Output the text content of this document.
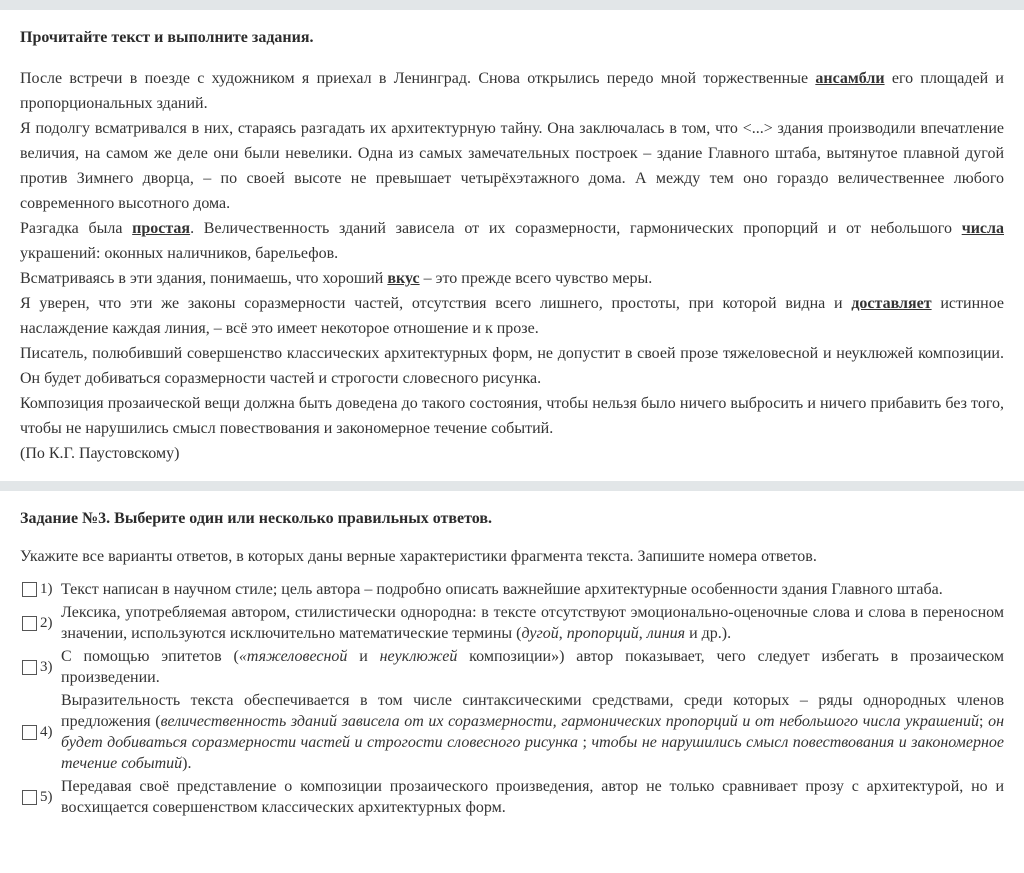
Прочитайте текст и выполните задания.

После встречи в поезде с художником я приехал в Ленинград. Снова открылись передо мной торжественные ансамбли его площадей и пропорциональных зданий.

Я подолгу всматривался в них, стараясь разгадать их архитектурную тайну. Она заключалась в том, что <...> здания производили впечатление величия, на самом же деле они были невелики. Одна из самых замечательных построек – здание Главного штаба, вытянутое плавной дугой против Зимнего дворца, – по своей высоте не превышает четырёхэтажного дома. А между тем оно гораздо величественнее любого современного высотного дома.

Разгадка была простая. Величественность зданий зависела от их соразмерности, гармонических пропорций и от небольшого числа украшений: оконных наличников, барельефов.

Всматриваясь в эти здания, понимаешь, что хороший вкус – это прежде всего чувство меры.

Я уверен, что эти же законы соразмерности частей, отсутствия всего лишнего, простоты, при которой видна и доставляет истинное наслаждение каждая линия, – всё это имеет некоторое отношение и к прозе.

Писатель, полюбивший совершенство классических архитектурных форм, не допустит в своей прозе тяжеловесной и неуклюжей композиции. Он будет добиваться соразмерности частей и строгости словесного рисунка.

Композиция прозаической вещи должна быть доведена до такого состояния, чтобы нельзя было ничего выбросить и ничего прибавить без того, чтобы не нарушились смысл повествования и закономерное течение событий.

(По К.Г. Паустовскому)

Задание №3. Выберите один или несколько правильных ответов.
Укажите все варианты ответов, в которых даны верные характеристики фрагмента текста. Запишите номера ответов.
1) Текст написан в научном стиле; цель автора – подробно описать важнейшие архитектурные особенности здания Главного штаба.
2)
Лексика, употребляемая автором, стилистически однородна: в тексте отсутствуют эмоционально-оценочные слова и слова в переносном значении, используются исключительно математические термины (дугой, пропорций, линия и др.).
3)
С помощью эпитетов («тяжеловесной и неуклюжей композиции») автор показывает, чего следует избегать в прозаическом произведении.
4)
Выразительность текста обеспечивается в том числе синтаксическими средствами, среди которых – ряды однородных членов предложения (величественность зданий зависела от их соразмерности, гармонических пропорций и от небольшого числа украшений; он будет добиваться соразмерности частей и строгости словесного рисунка ; чтобы не нарушились смысл повествования и закономерное течение событий).
5)
Передавая своё представление о композиции прозаического произведения, автор не только сравнивает прозу с архитектурой, но и восхищается совершенством классических архитектурных форм.
